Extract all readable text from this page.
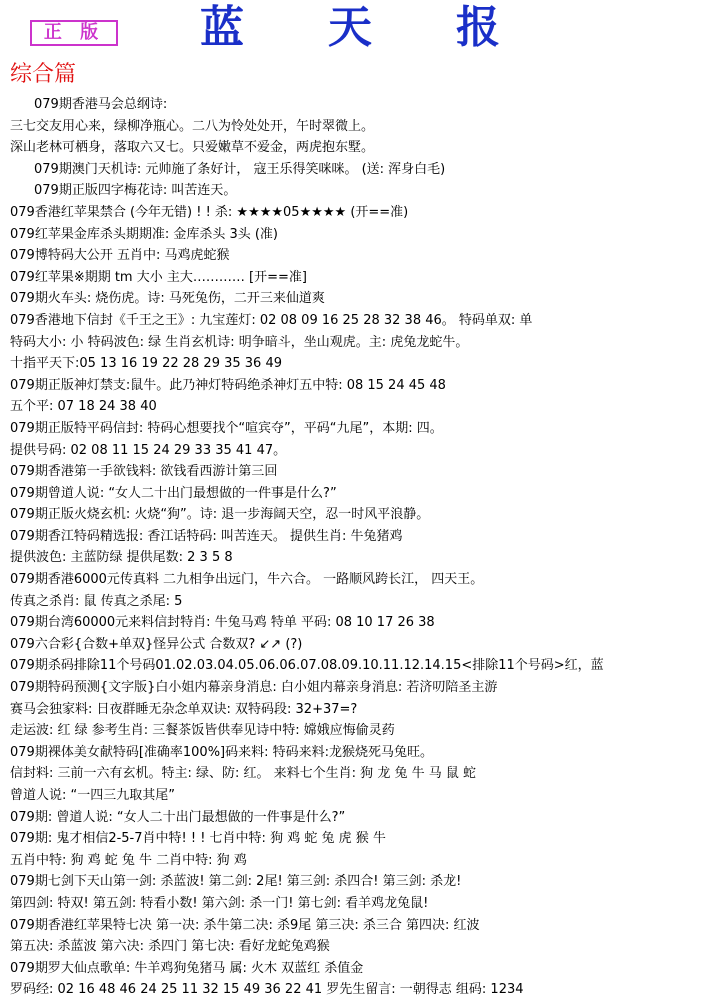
正 版	蓝 天 报
综合篇
079期香港马会总纲诗:
三七交友用心来，绿柳净瓶心。二八为怜处处开，午时翠微上。
深山老林可栖身，落取六又七。只爱嫩草不爱金，两虎抱东墅。
079期澳门天机诗: 元帅施了条好计， 寇王乐得笑咪咪。 (送: 浑身白毛)
079期正版四字梅花诗: 叫苦连天。
079香港红苹果禁合 (今年无错) ! ! 杀: ★★★★05★★★★ (开==准)
079红苹果金库杀头期期准: 金库杀头 3头 (准)
079博特码大公开 五肖中: 马鸡虎蛇猴
079红苹果※期期 tm 大小 主大………… [开==准]
079期火车头: 烧伤虎。诗: 马死兔伤，二开三来仙道爽
079香港地下信封《千王之王》: 九宝莲灯: 02 08 09 16 25 28 32 38 46。 特码单双: 单
特码大小: 小 特码波色: 绿 生肖玄机诗: 明争暗斗，坐山观虎。主: 虎兔龙蛇牛。
十指平天下:05 13 16 19 22 28 29 35 36 49
079期正版神灯禁支:鼠牛。此乃神灯特码绝杀神灯五中特: 08 15 24 45 48
五个平: 07 18 24 38 40
079期正版特平码信封: 特码心想要找个“喧宾夺”，平码“九尾”，本期: 四。
提供号码: 02 08 11 15 24 29 33 35 41 47。
079期香港第一手欲钱料: 欲钱看西游计第三回
079期曾道人说: “女人二十出门最想做的一件事是什么?”
079期正版火烧玄机: 火烧“狗”。诗: 退一步海阔天空，忍一时风平浪静。
079期香江特码精选报: 香江话特码: 叫苦连天。 提供生肖: 牛兔猪鸡
提供波色: 主蓝防绿 提供尾数: 2 3 5 8
079期香港6000元传真料 二九相争出远门，牛六合。 一路顺风跨长江， 四天王。
传真之杀肖: 鼠 传真之杀尾: 5
079期台湾60000元来料信封特肖: 牛兔马鸡 特单 平码: 08 10 17 26 38
079六合彩{合数+单双}怪异公式 合数双? ↙↗ (?)
079期杀码排除11个号码01.02.03.04.05.06.06.07.08.09.10.11.12.14.15<排除11个号码>红，蓝
079期特码预测{文字版}白小姐内幕亲身消息: 白小姐内幕亲身消息: 若济叨陪圣主游
赛马会独家料: 日夜群睡无杂念单双诀: 双特码段: 32+37=?
走运波: 红 绿 参考生肖: 三餐茶饭皆供奉见诗中特: 嫦娥应悔偷灵药
079期裸体美女献特码[准确率100%]码来料: 特码来料:龙猴烧死马兔旺。
信封料: 三前一六有玄机。特主: 绿、防: 红。 来料七个生肖: 狗 龙 兔 牛 马 鼠 蛇
曾道人说: “一四三九取其尾”
079期: 曾道人说: “女人二十出门最想做的一件事是什么?”
079期: 鬼才相信2-5-7肖中特! ! ! 七肖中特: 狗 鸡 蛇 兔 虎 猴 牛
五肖中特: 狗 鸡 蛇 兔 牛 二肖中特: 狗 鸡
079期七剑下天山第一剑: 杀蓝波! 第二剑: 2尾! 第三剑: 杀四合! 第三剑: 杀龙!
第四剑: 特双! 第五剑: 特看小数! 第六剑: 杀一门! 第七剑: 看羊鸡龙兔鼠!
079期香港红苹果特七决 第一决: 杀牛第二决: 杀9尾 第三决: 杀三合 第四决: 红波
第五决: 杀蓝波 第六决: 杀四门 第七决: 看好龙蛇兔鸡猴
079期罗大仙点歌单: 牛羊鸡狗兔猪马 属: 火木 双蓝红 杀值金
罗码经: 02 16 48 46 24 25 11 32 15 49 36 22 41 罗先生留言: 一朝得志 组码: 1234
